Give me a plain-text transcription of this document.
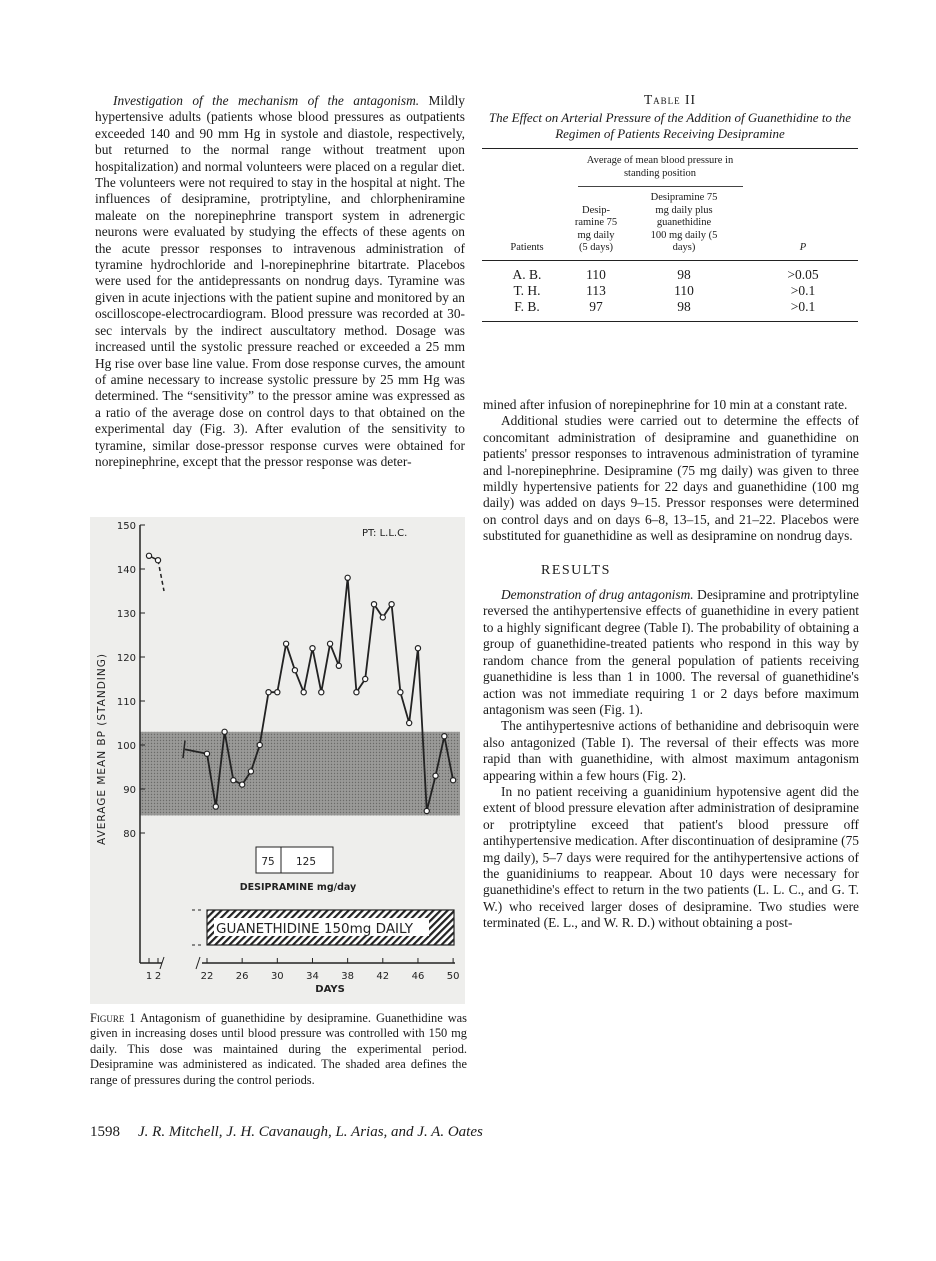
Investigation of the mechanism of the antagonism. Mildly hypertensive adults (patients whose blood pressures as outpatients exceeded 140 and 90 mm Hg in systole and diastole, respectively, but returned to the normal range without treatment upon hospitalization) and normal volunteers were placed on a regular diet. The volunteers were not required to stay in the hospital at night. The influences of desipramine, protriptyline, and chlorpheniramine maleate on the norepinephrine transport system in adrenergic neurons were evaluated by studying the effects of these agents on the acute pressor responses to intravenous administration of tyramine hydrochloride and l-norepinephrine bitartrate. Placebos were used for the antidepressants on nondrug days. Tyramine was given in acute injections with the patient supine and monitored by an oscilloscope-electrocardiogram. Blood pressure was recorded at 30-sec intervals by the indirect auscultatory method. Dosage was increased until the systolic pressure reached or exceeded a 25 mm Hg rise over base line value. From dose response curves, the amount of amine necessary to increase systolic pressure by 25 mm Hg was determined. The “sensitivity” to the pressor amine was expressed as a ratio of the average dose on control days to that obtained on the experimental day (Fig. 3). After evalution of the sensitivity to tyramine, similar dose-pressor response curves were obtained for norepinephrine, except that the pressor response was deter-

Table II
The Effect on Arterial Pressure of the Addition of Guanethidine to the Regimen of Patients Receiving Desipramine

	Average of mean blood pressure in standing position		

Patients	Desip- ramine 75 mg daily (5 days)	Desipramine 75 mg daily plus guanethidine 100 mg daily (5 days)	P

A. B.	110	98	>0.05
T. H.	113	110	>0.1
F. B.	97	98	>0.1

mined after infusion of norepinephrine for 10 min at a constant rate.

Additional studies were carried out to determine the effects of concomitant administration of desipramine and guanethidine on patients' pressor responses to intravenous administration of tyramine and l-norepinephrine. Desipramine (75 mg daily) was given to three mildly hypertensive patients for 22 days and guanethidine (100 mg daily) was added on days 9–15. Pressor responses were determined on control days and on days 6–8, 13–15, and 21–22. Placebos were substituted for guanethidine as well as desipramine on nondrug days.

RESULTS

Demonstration of drug antagonism. Desipramine and protriptyline reversed the antihypertensive effects of guanethidine in every patient to a highly significant degree (Table I). The probability of obtaining a group of guanethidine-treated patients who respond in this way by random chance from the general population of patients receiving guanethidine is less than 1 in 1000. The reversal of guanethidine's action was not immediate requiring 1 or 2 days before maximum antagonism was seen (Fig. 1).

The antihypertesnive actions of bethanidine and debrisoquin were also antagonized (Table I). The reversal of their effects was more rapid than with guanethidine, with almost maximum antagonism appearing within a few hours (Fig. 2).

In no patient receiving a guanidinium hypotensive agent did the extent of blood pressure elevation after administration of desipramine or protriptyline exceed that patient's blood pressure off antihypertensive medication. After discontinuation of desipramine (75 mg daily), 5–7 days were required for the antihypertensive actions of the guanidiniums to reappear. About 10 days were necessary for guanethidine's effect to return in the two patients (L. L. C., and G. T. W.) who received larger doses of desipramine. Two studies were terminated (E. L., and W. R. D.) without obtaining a post-

150
140
130
120
110
100
90
80
1 2	22 26 30 34 38 42 46 50
DAYS
AVERAGE MEAN BP (STANDING)
PT: L.L.C.
75 125
DESIPRAMINE mg/day
GUANETHIDINE 150mg DAILY
Figure 1 Antagonism of guanethidine by desipramine. Guanethidine was given in increasing doses until blood pressure was controlled with 150 mg daily. This dose was maintained during the experimental period. Desipramine was administered as indicated. The shaded area defines the range of pressures during the control periods.
1598 J. R. Mitchell, J. H. Cavanaugh, L. Arias, and J. A. Oates
